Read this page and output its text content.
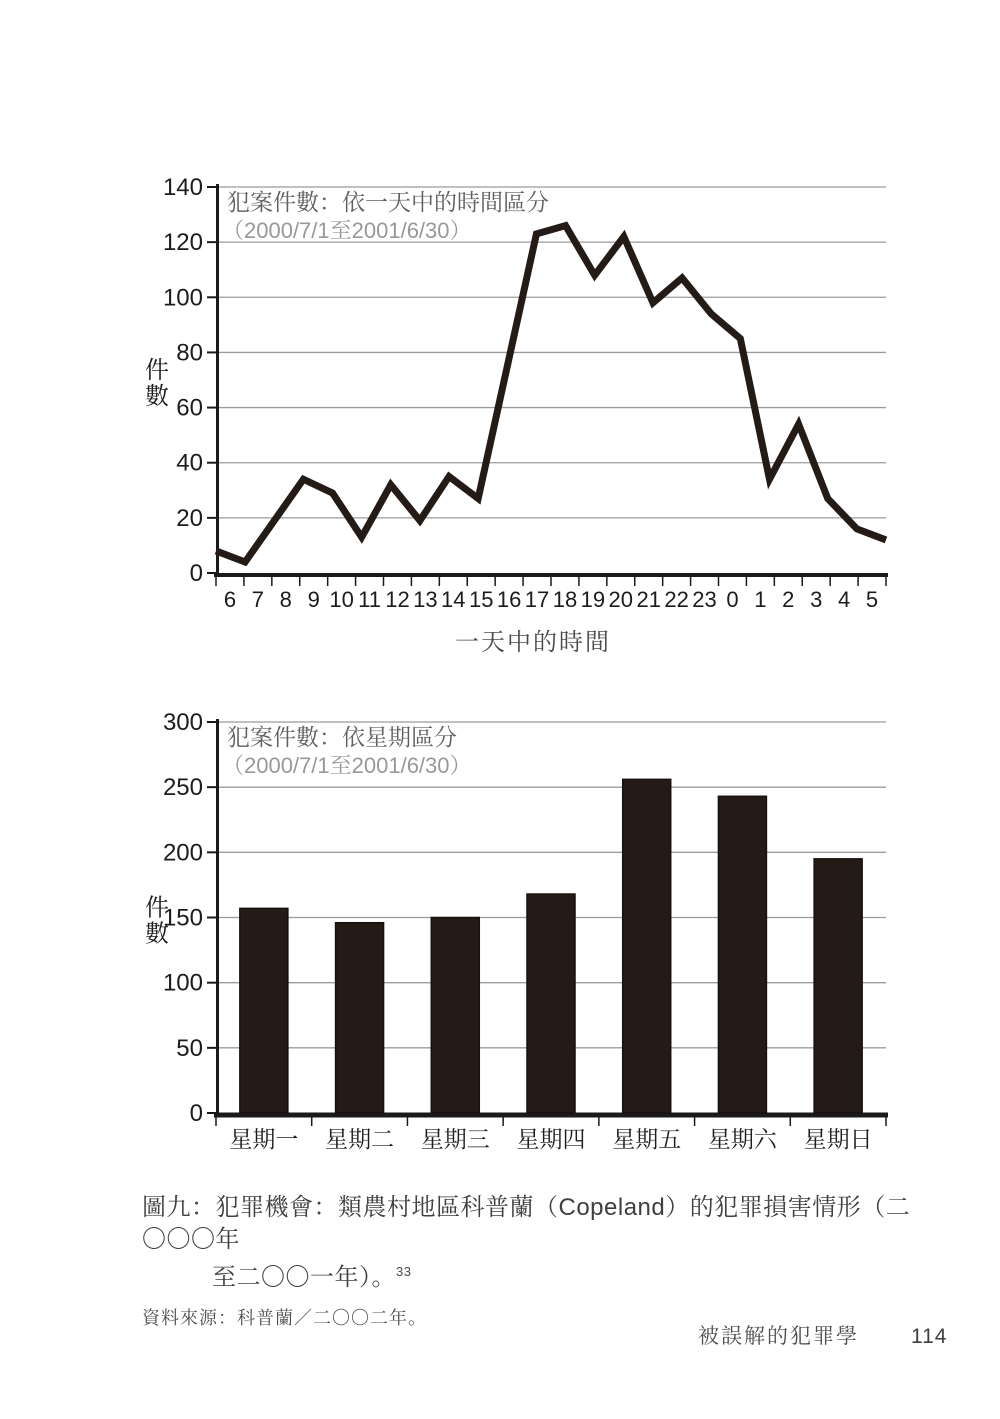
0
20
40
60
80
100
120
140
6 7 8 9 10 11 12 13 14 15 16 17 18 19 20 21 22 23 0 1 2 3 4 5
犯案件數：依一天中的時間區分
（2000/7/1至2001/6/30）
件
數
一天中的時間
0
50
100
150
200
250
300
星期一 星期二 星期三 星期四 星期五 星期六 星期日
犯案件數：依星期區分
（2000/7/1至2001/6/30）
件
數
圖九：犯罪機會：類農村地區科普蘭（Copeland）的犯罪損害情形（二〇〇〇年
至二〇〇一年）。$^{33}$
資料來源：科普蘭／二〇〇二年。
被誤解的犯罪學 114
